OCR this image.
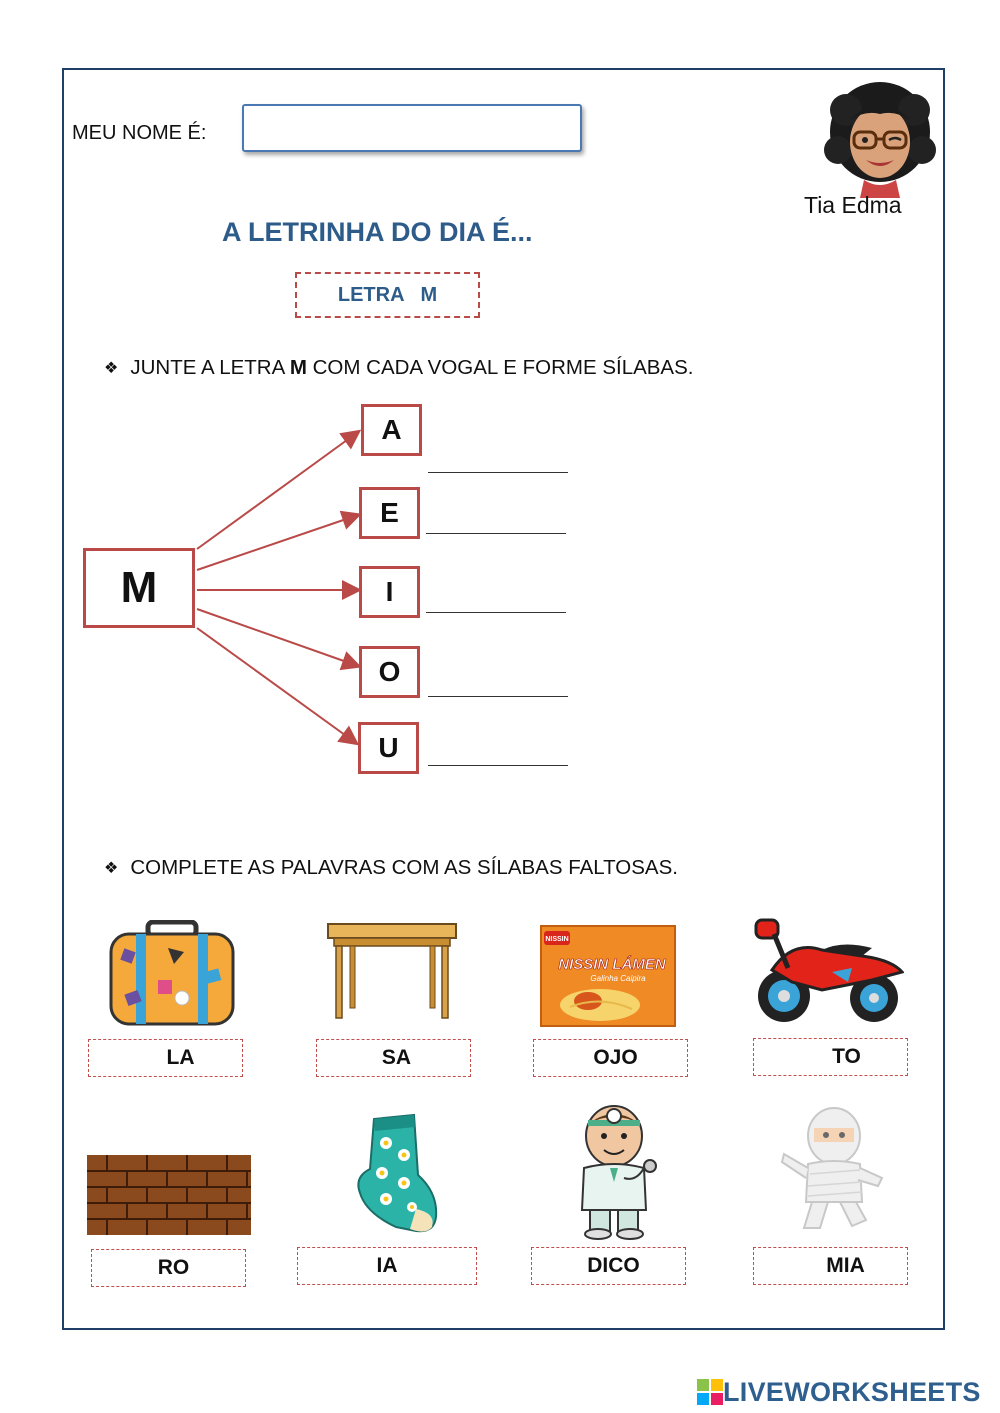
MEU NOME É:
Tia Edma
A LETRINHA DO DIA É...
LETRA   M
❖ JUNTE A LETRA M COM CADA VOGAL E FORME SÍLABAS.
M
A
E
I
O
U
❖ COMPLETE AS PALAVRAS COM AS SÍLABAS FALTOSAS.
NISSIN
NISSIN LÁMEN
Galinha Caipira
LA	SA	OJO	TO
RO	IA	DICO	MIA
LIVEWORKSHEETS
